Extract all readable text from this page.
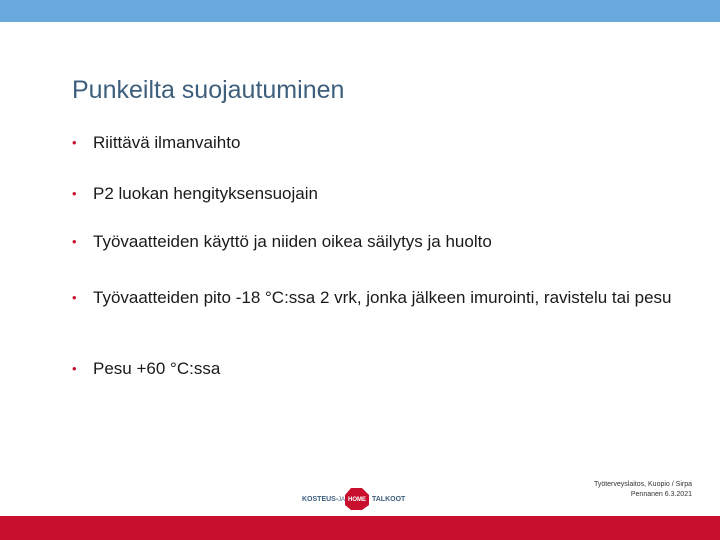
Punkeilta suojautuminen
• Riittävä ilmanvaihto
• P2 luokan hengityksensuojain
• Työvaatteiden käyttö ja niiden oikea säilytys ja huolto
• Työvaatteiden pito -18 °C:ssa 2 vrk, jonka jälkeen imurointi, ravistelu tai pesu
• Pesu +60 °C:ssa
KOSTEUS- JA HOME TALKOOT
Työterveyslaitos, Kuopio / Sirpa
Pennanen 6.3.2021
